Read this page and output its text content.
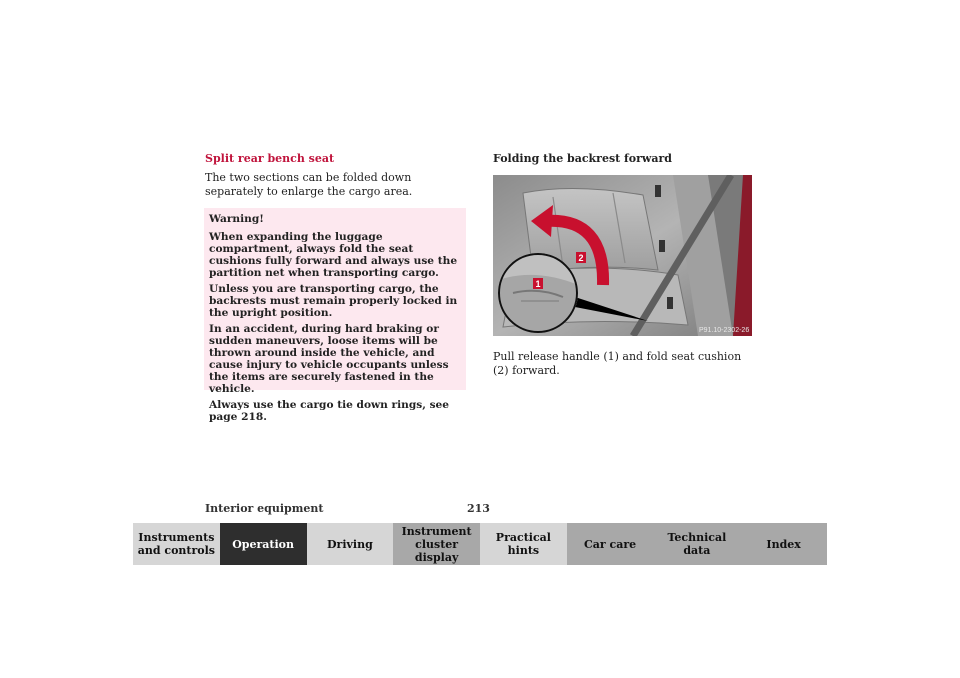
Split rear bench seat
The two sections can be folded down separately to enlarge the cargo area.

Warning!

When expanding the luggage compartment, always fold the seat cushions fully forward and always use the partition net when transporting cargo.

Unless you are transporting cargo, the backrests must remain properly locked in the upright position.

In an accident, during hard braking or sudden maneuvers, loose items will be thrown around inside the vehicle, and cause injury to vehicle occupants unless the items are securely fastened in the vehicle.

Always use the cargo tie down rings, see page 218.

Folding the backrest forward
2
1
P91.10-2302-26
Pull release handle (1) and fold seat cushion (2) forward.
Interior equipment	213
Instruments
and controls	Operation	Driving
Instrument
cluster display
Practical hints	Car care	Technical
data	Index
